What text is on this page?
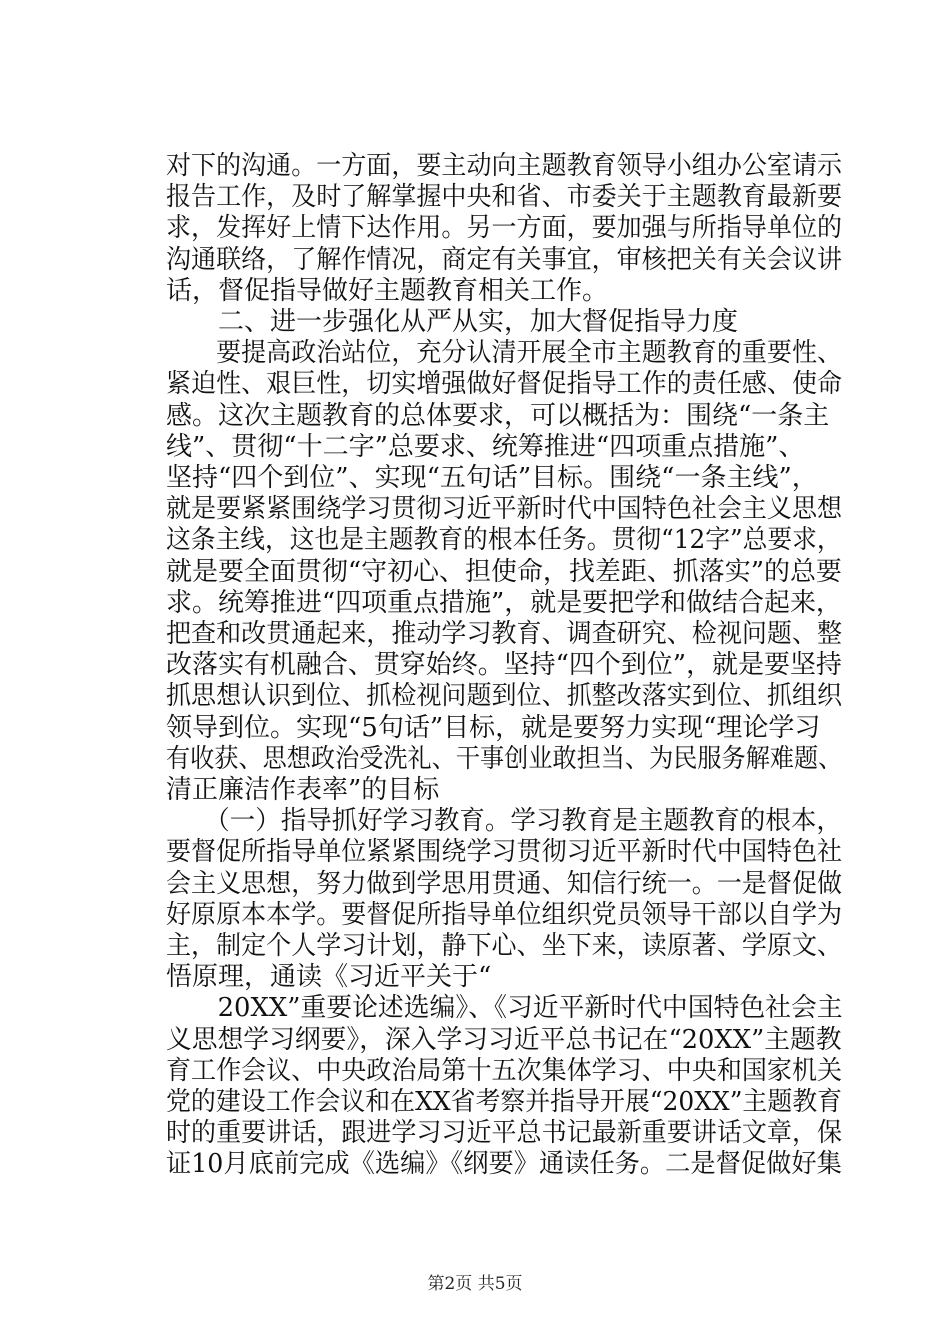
对下的沟通。一方面，要主动向主题教育领导小组办公室请示
报告工作，及时了解掌握中央和省、市委关于主题教育最新要
求，发挥好上情下达作用。另一方面，要加强与所指导单位的
沟通联络，了解作情况，商定有关事宜，审核把关有关会议讲
话，督促指导做好主题教育相关工作。
　　二、进一步强化从严从实，加大督促指导力度
　　要提高政治站位，充分认清开展全市主题教育的重要性、
紧迫性、艰巨性，切实增强做好督促指导工作的责任感、使命
感。这次主题教育的总体要求，可以概括为：围绕“一条主
线”、贯彻“十二字”总要求、统筹推进“四项重点措施”、
坚持“四个到位”、实现“五句话”目标。围绕“一条主线”，
就是要紧紧围绕学习贯彻习近平新时代中国特色社会主义思想
这条主线，这也是主题教育的根本任务。贯彻“12字”总要求，
就是要全面贯彻“守初心、担使命，找差距、抓落实”的总要
求。统筹推进“四项重点措施”，就是要把学和做结合起来，
把查和改贯通起来，推动学习教育、调查研究、检视问题、整
改落实有机融合、贯穿始终。坚持“四个到位”，就是要坚持
抓思想认识到位、抓检视问题到位、抓整改落实到位、抓组织
领导到位。实现“5句话”目标，就是要努力实现“理论学习
有收获、思想政治受洗礼、干事创业敢担当、为民服务解难题、
清正廉洁作表率”的目标
　　（一）指导抓好学习教育。学习教育是主题教育的根本，
要督促所指导单位紧紧围绕学习贯彻习近平新时代中国特色社
会主义思想，努力做到学思用贯通、知信行统一。一是督促做
好原原本本学。要督促所指导单位组织党员领导干部以自学为
主，制定个人学习计划，静下心、坐下来，读原著、学原文、
悟原理，通读《习近平关于“
　　20XX”重要论述选编》、《习近平新时代中国特色社会主
义思想学习纲要》，深入学习习近平总书记在“20XX”主题教
育工作会议、中央政治局第十五次集体学习、中央和国家机关
党的建设工作会议和在XX省考察并指导开展“20XX”主题教育
时的重要讲话，跟进学习习近平总书记最新重要讲话文章，保
证10月底前完成《选编》《纲要》通读任务。二是督促做好集
第2页 共5页
